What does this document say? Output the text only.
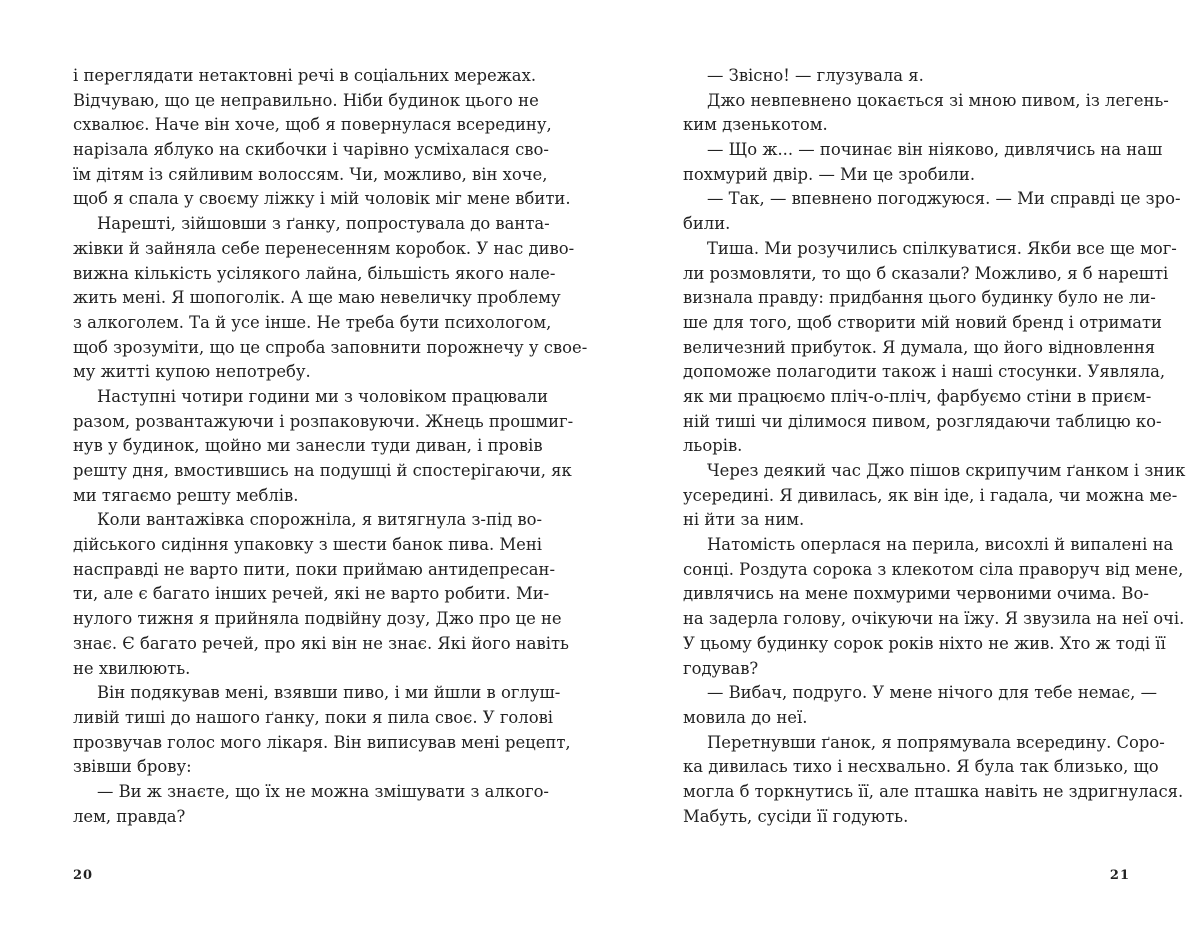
і переглядати нетактовні речі в соціальних мережах.
Відчуваю, що це неправильно. Ніби будинок цього не
схвалює. Наче він хоче, щоб я повернулася всередину,
нарізала яблуко на скибочки і чарівно усміхалася сво-
їм дітям із сяйливим волоссям. Чи, можливо, він хоче,
щоб я спала у своєму ліжку і мій чоловік міг мене вбити.
Нарешті, зійшовши з ґанку, попростувала до ванта-
жівки й зайняла себе перенесенням коробок. У нас диво-
вижна кількість усілякого лайна, більшість якого нале-
жить мені. Я шопоголік. А ще маю невеличку проблему
з алкоголем. Та й усе інше. Не треба бути психологом,
щоб зрозуміти, що це спроба заповнити порожнечу у свое-
му житті купою непотребу.
Наступні чотири години ми з чоловіком працювали
разом, розвантажуючи і розпаковуючи. Жнець прошмиг-
нув у будинок, щойно ми занесли туди диван, і провів
решту дня, вмостившись на подушці й спостерігаючи, як
ми тягаємо решту меблів.
Коли вантажівка спорожніла, я витягнула з-під во-
дійського сидіння упаковку з шести банок пива. Мені
насправді не варто пити, поки приймаю антидепресан-
ти, але є багато інших речей, які не варто робити. Ми-
нулого тижня я прийняла подвійну дозу, Джо про це не
знає. Є багато речей, про які він не знає. Які його навіть
не хвилюють.
Він подякував мені, взявши пиво, і ми йшли в оглуш-
ливій тиші до нашого ґанку, поки я пила своє. У голові
прозвучав голос мого лікаря. Він виписував мені рецепт,
звівши брову:
— Ви ж знаєте, що їх не можна змішувати з алкого-
лем, правда?
— Звісно! — глузувала я.
Джо невпевнено цокається зі мною пивом, із легень-
ким дзенькотом.
— Що ж... — починає він ніяково, дивлячись на наш
похмурий двір. — Ми це зробили.
— Так, — впевнено погоджуюся. — Ми справді це зро-
били.
Тиша. Ми розучились спілкуватися. Якби все ще мог-
ли розмовляти, то що б сказали? Можливо, я б нарешті
визнала правду: придбання цього будинку було не ли-
ше для того, щоб створити мій новий бренд і отримати
величезний прибуток. Я думала, що його відновлення
допоможе полагодити також і наші стосунки. Уявляла,
як ми працюємо пліч-о-пліч, фарбуємо стіни в приєм-
ній тиші чи ділимося пивом, розглядаючи таблицю ко-
льорів.
Через деякий час Джо пішов скрипучим ґанком і зник
усередині. Я дивилась, як він іде, і гадала, чи можна ме-
ні йти за ним.
Натомість оперлася на перила, висохлі й випалені на
сонці. Роздута сорока з клекотом сіла праворуч від мене,
дивлячись на мене похмурими червоними очима. Во-
на задерла голову, очікуючи на їжу. Я звузила на неї очі.
У цьому будинку сорок років ніхто не жив. Хто ж тоді її
годував?
— Вибач, подруго. У мене нічого для тебе немає, —
мовила до неї.
Перетнувши ґанок, я попрямувала всередину. Соро-
ка дивилась тихо і несхвально. Я була так близько, що
могла б торкнутись її, але пташка навіть не здригнулася.
Мабуть, сусіди її годують.
20	21
